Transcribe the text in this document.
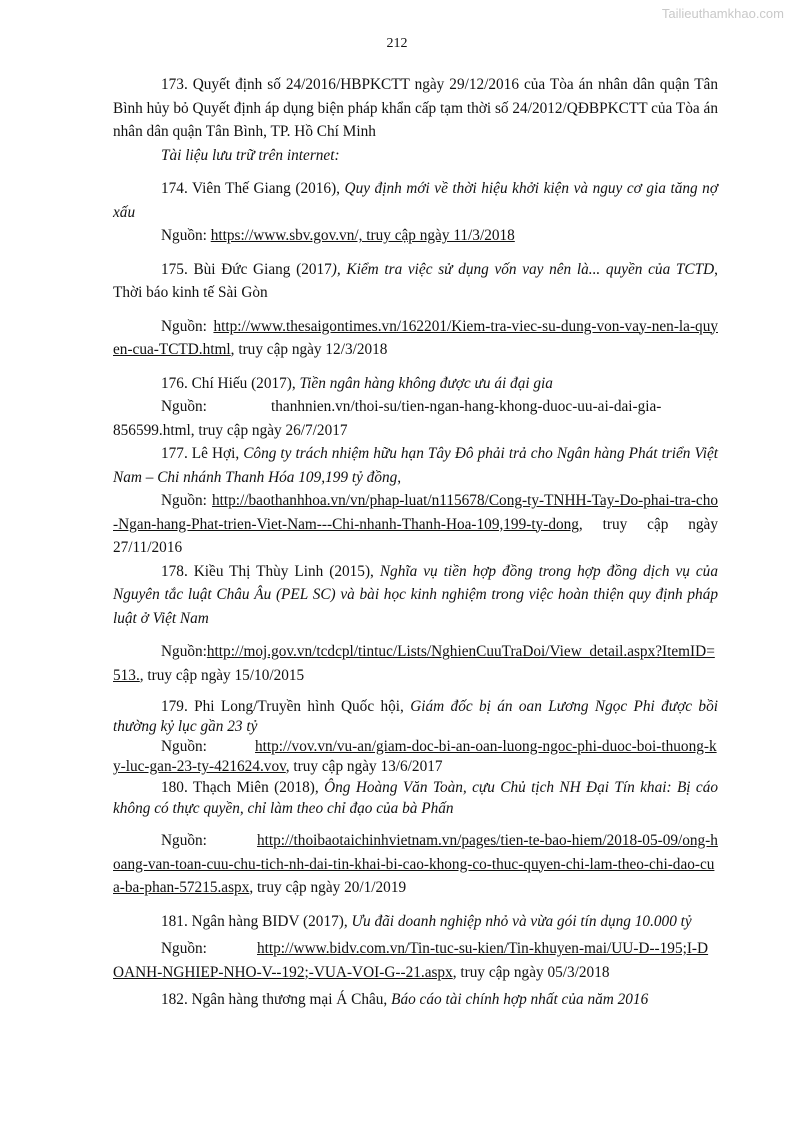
Tailieuthamkhao.com
212

173. Quyết định số 24/2016/HBPKCTT ngày 29/12/2016 của Tòa án nhân dân quận Tân Bình hủy bỏ Quyết định áp dụng biện pháp khẩn cấp tạm thời số 24/2012/QĐBPKCTT của Tòa án nhân dân quận Tân Bình, TP. Hồ Chí Minh

Tài liệu lưu trữ trên internet:

174. Viên Thế Giang (2016), Quy định mới về thời hiệu khởi kiện và nguy cơ gia tăng nợ xấu

Nguồn: https://www.sbv.gov.vn/, truy cập ngày 11/3/2018

175. Bùi Đức Giang (2017), Kiểm tra việc sử dụng vốn vay nên là... quyền của TCTD, Thời báo kinh tế Sài Gòn

Nguồn: http://www.thesaigontimes.vn/162201/Kiem-tra-viec-su-dung-von-vay-nen-la-quyen-cua-TCTD.html, truy cập ngày 12/3/2018

176. Chí Hiếu (2017), Tiền ngân hàng không được ưu ái đại gia

Nguồn:	thanhnien.vn/thoi-su/tien-ngan-hang-khong-duoc-uu-ai-dai-gia-856599.html, truy cập ngày 26/7/2017

177. Lê Hợi, Công ty trách nhiệm hữu hạn Tây Đô phải trả cho Ngân hàng Phát triển Việt Nam – Chi nhánh Thanh Hóa 109,199 tỷ đồng,

Nguồn: http://baothanhhoa.vn/vn/phap-luat/n115678/Cong-ty-TNHH-Tay-Do-phai-tra-cho-Ngan-hang-Phat-trien-Viet-Nam---Chi-nhanh-Thanh-Hoa-109,199-ty-dong, truy cập ngày 27/11/2016

178. Kiều Thị Thùy Linh (2015), Nghĩa vụ tiền hợp đồng trong hợp đồng dịch vụ của Nguyên tắc luật Châu Âu (PEL SC) và bài học kinh nghiệm trong việc hoàn thiện quy định pháp luật ở Việt Nam

Nguồn:http://moj.gov.vn/tcdcpl/tintuc/Lists/NghienCuuTraDoi/View_detail.aspx?ItemID=513., truy cập ngày 15/10/2015

179. Phi Long/Truyền hình Quốc hội, Giám đốc bị án oan Lương Ngọc Phi được bồi thường kỷ lục gần 23 tỷ

Nguồn:	http://vov.vn/vu-an/giam-doc-bi-an-oan-luong-ngoc-phi-duoc-boi-thuong-ky-luc-gan-23-ty-421624.vov, truy cập ngày 13/6/2017

180. Thạch Miên (2018), Ông Hoàng Văn Toàn, cựu Chủ tịch NH Đại Tín khai: Bị cáo không có thực quyền, chỉ làm theo chỉ đạo của bà Phấn

Nguồn:	http://thoibaotaichinhvietnam.vn/pages/tien-te-bao-hiem/2018-05-09/ong-hoang-van-toan-cuu-chu-tich-nh-dai-tin-khai-bi-cao-khong-co-thuc-quyen-chi-lam-theo-chi-dao-cua-ba-phan-57215.aspx, truy cập ngày 20/1/2019

181. Ngân hàng BIDV (2017), Ưu đãi doanh nghiệp nhỏ và vừa gói tín dụng 10.000 tỷ

Nguồn:	http://www.bidv.com.vn/Tin-tuc-su-kien/Tin-khuyen-mai/UU-D--195;I-DOANH-NGHIEP-NHO-V--192;-VUA-VOI-G--21.aspx, truy cập ngày 05/3/2018

182. Ngân hàng thương mại Á Châu, Báo cáo tài chính hợp nhất của năm 2016
